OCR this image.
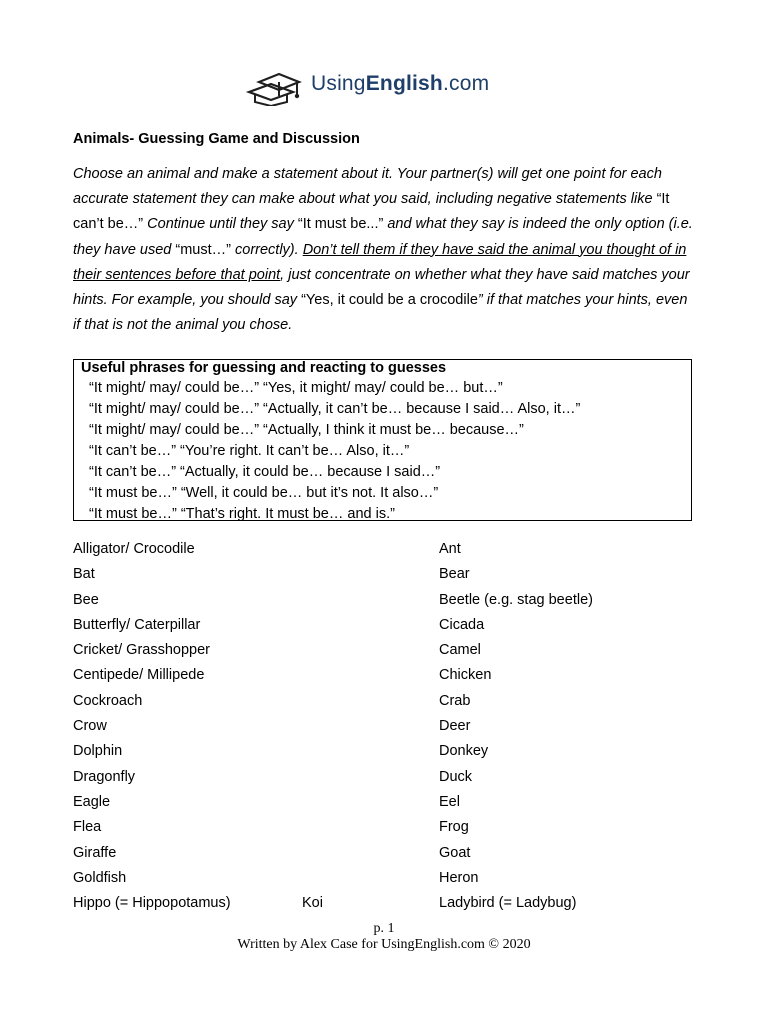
UsingEnglish.com
Animals- Guessing Game and Discussion

Choose an animal and make a statement about it. Your partner(s) will get one point for each accurate statement they can make about what you said, including negative statements like “It can’t be…” Continue until they say “It must be...” and what they say is indeed the only option (i.e. they have used “must…” correctly). Don’t tell them if they have said the animal you thought of in their sentences before that point, just concentrate on whether what they have said matches your hints. For example, you should say “Yes, it could be a crocodile” if that matches your hints, even if that is not the animal you chose.

Useful phrases for guessing and reacting to guesses
“It might/ may/ could be…” “Yes, it might/ may/ could be… but…”
“It might/ may/ could be…” “Actually, it can’t be… because I said… Also, it…”
“It might/ may/ could be…” “Actually, I think it must be… because…”
“It can’t be…” “You’re right. It can’t be… Also, it…”
“It can’t be…” “Actually, it could be… because I said…”
“It must be…” “Well, it could be… but it’s not. It also…”
“It must be…” “That’s right. It must be… and is.”
Alligator/ Crocodile	Ant
Bat	Bear
Bee	Beetle (e.g. stag beetle)
Butterfly/ Caterpillar	Cicada
Cricket/ Grasshopper	Camel
Centipede/ Millipede	Chicken
Cockroach	Crab
Crow	Deer
Dolphin	Donkey
Dragonfly	Duck
Eagle	Eel
Flea	Frog
Giraffe	Goat
Goldfish	Heron
Hippo (= Hippopotamus)	Koi	Ladybird (= Ladybug)
p. 1
Written by Alex Case for UsingEnglish.com © 2020
